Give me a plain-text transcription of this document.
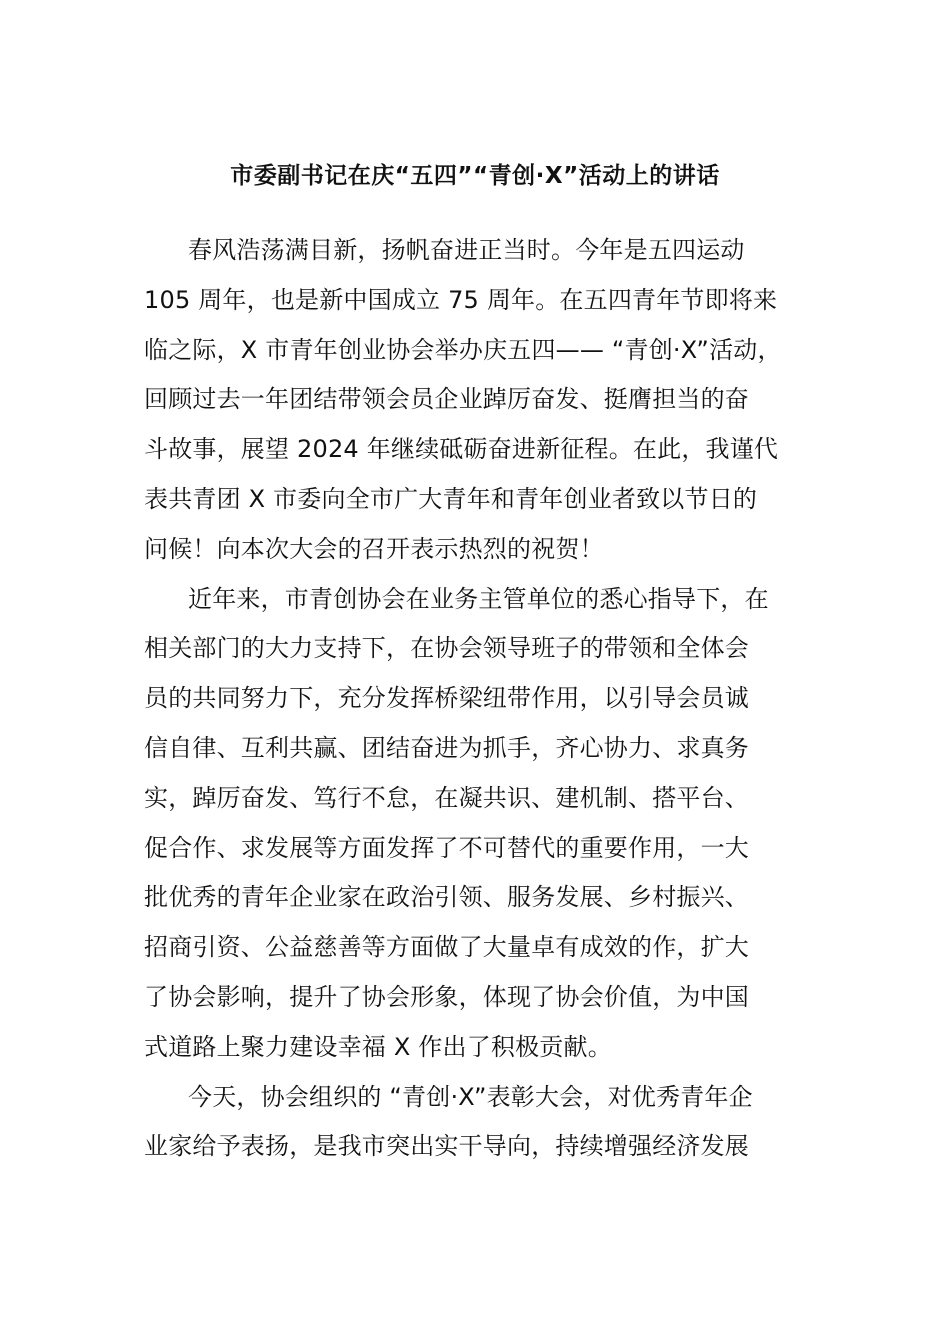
市委副书记在庆“五四”“青创·X”活动上的讲话
春风浩荡满目新，扬帆奋进正当时。今年是五四运动
105 周年，也是新中国成立 75 周年。在五四青年节即将来
临之际，X 市青年创业协会举办庆五四—— “青创·X”活动，
回顾过去一年团结带领会员企业踔厉奋发、挺膺担当的奋
斗故事，展望 2024 年继续砥砺奋进新征程。在此，我谨代
表共青团 X 市委向全市广大青年和青年创业者致以节日的
问候！向本次大会的召开表示热烈的祝贺！
近年来，市青创协会在业务主管单位的悉心指导下，在
相关部门的大力支持下，在协会领导班子的带领和全体会
员的共同努力下，充分发挥桥梁纽带作用，以引导会员诚
信自律、互利共赢、团结奋进为抓手，齐心协力、求真务
实，踔厉奋发、笃行不怠，在凝共识、建机制、搭平台、
促合作、求发展等方面发挥了不可替代的重要作用，一大
批优秀的青年企业家在政治引领、服务发展、乡村振兴、
招商引资、公益慈善等方面做了大量卓有成效的作，扩大
了协会影响，提升了协会形象，体现了协会价值，为中国
式道路上聚力建设幸福 X 作出了积极贡献。
今天，协会组织的 “青创·X”表彰大会，对优秀青年企
业家给予表扬，是我市突出实干导向，持续增强经济发展
